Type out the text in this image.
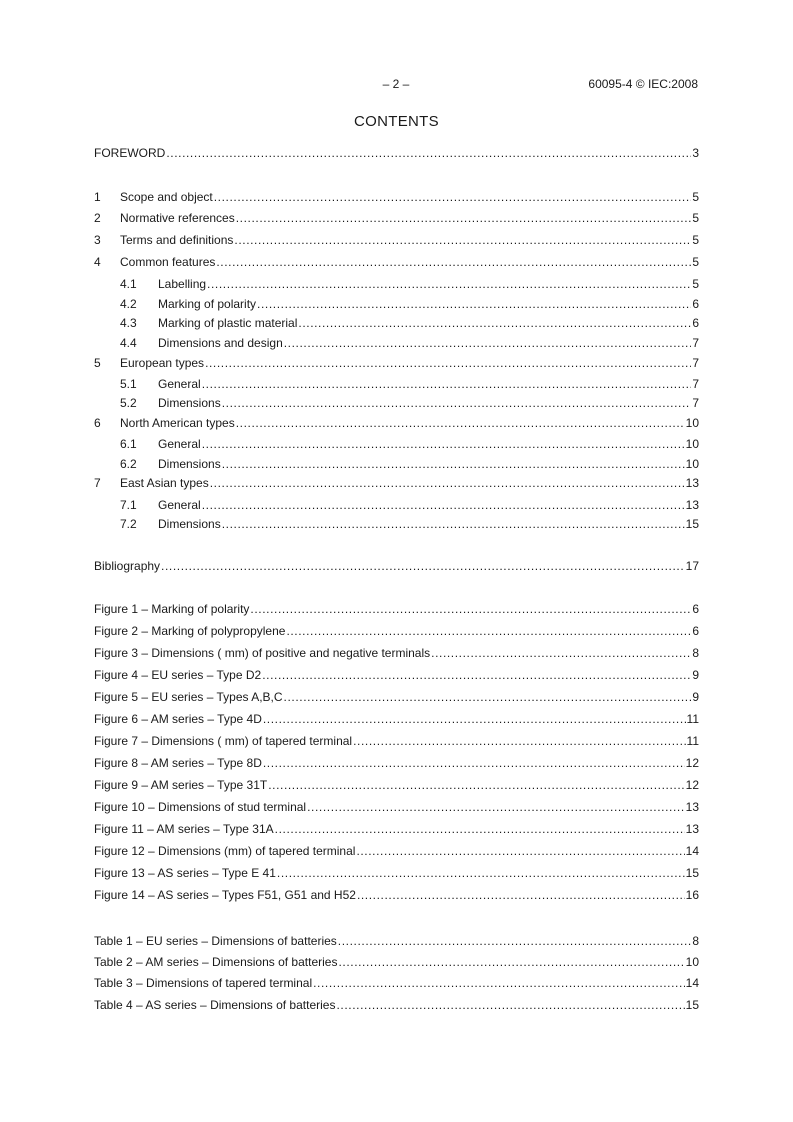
– 2 –	60095-4 © IEC:2008
CONTENTS
FOREWORD .....	3
1	Scope and object .....	5
2	Normative references .....	5
3	Terms and definitions .....	5
4	Common features .....	5
4.1	Labelling .....	5
4.2	Marking of polarity .....	6
4.3	Marking of plastic material .....	6
4.4	Dimensions and design .....	7
5	European types .....	7
5.1	General .....	7
5.2	Dimensions .....	7
6	North American types .....	10
6.1	General .....	10
6.2	Dimensions .....	10
7	East Asian types .....	13
7.1	General .....	13
7.2	Dimensions .....	15
Bibliography .....	17
Figure 1 – Marking of polarity .....	6
Figure 2 – Marking of polypropylene .....	6
Figure 3 – Dimensions ( mm) of positive and negative terminals .....	8
Figure 4 – EU series – Type D2 .....	9
Figure 5 – EU series – Types A,B,C .....	9
Figure 6 – AM series – Type 4D .....	11
Figure 7 – Dimensions ( mm) of tapered terminal .....	11
Figure 8 – AM series – Type 8D .....	12
Figure 9 – AM series – Type 31T .....	12
Figure 10 – Dimensions of stud terminal .....	13
Figure 11 – AM series – Type 31A .....	13
Figure 12 – Dimensions (mm) of tapered terminal .....	14
Figure 13 – AS series – Type E 41 .....	15
Figure 14 – AS series – Types F51, G51 and H52 .....	16
Table 1 – EU series – Dimensions of batteries .....	8
Table 2 – AM series – Dimensions of batteries .....	10
Table 3 – Dimensions of tapered terminal .....	14
Table 4 – AS series – Dimensions of batteries .....	15
